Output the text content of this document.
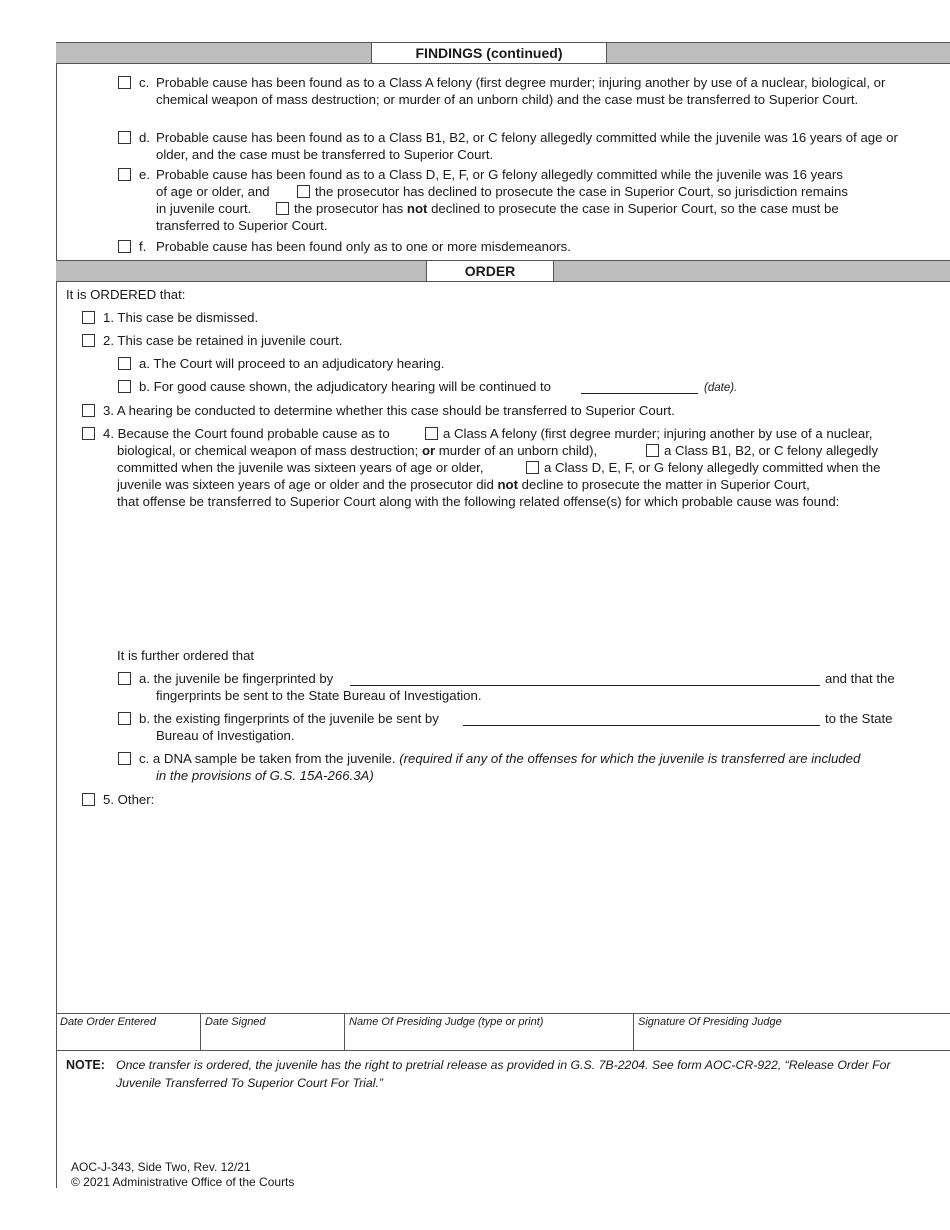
FINDINGS (continued)
c. Probable cause has been found as to a Class A felony (first degree murder; injuring another by use of a nuclear, biological, or chemical weapon of mass destruction; or murder of an unborn child) and the case must be transferred to Superior Court.
d. Probable cause has been found as to a Class B1, B2, or C felony allegedly committed while the juvenile was 16 years of age or older, and the case must be transferred to Superior Court.
e. Probable cause has been found as to a Class D, E, F, or G felony allegedly committed while the juvenile was 16 years
of age or older, and	the prosecutor has declined to prosecute the case in Superior Court, so jurisdiction remains
in juvenile court.	the prosecutor has not declined to prosecute the case in Superior Court, so the case must be
transferred to Superior Court.
f. Probable cause has been found only as to one or more misdemeanors.
ORDER
It is ORDERED that:
1. This case be dismissed.
2. This case be retained in juvenile court.
a. The Court will proceed to an adjudicatory hearing.
b. For good cause shown, the adjudicatory hearing will be continued to	(date).
3. A hearing be conducted to determine whether this case should be transferred to Superior Court.
4. Because the Court found probable cause as to	a Class A felony (first degree murder; injuring another by use of a nuclear,
biological, or chemical weapon of mass destruction; or murder of an unborn child),	a Class B1, B2, or C felony allegedly
committed when the juvenile was sixteen years of age or older,	a Class D, E, F, or G felony allegedly committed when the
juvenile was sixteen years of age or older and the prosecutor did not decline to prosecute the matter in Superior Court,
that offense be transferred to Superior Court along with the following related offense(s) for which probable cause was found:
It is further ordered that
a. the juvenile be fingerprinted by	and that the
fingerprints be sent to the State Bureau of Investigation.
b. the existing fingerprints of the juvenile be sent by	to the State
Bureau of Investigation.
c. a DNA sample be taken from the juvenile. (required if any of the offenses for which the juvenile is transferred are included
in the provisions of G.S. 15A-266.3A)
5. Other:
Date Order Entered	Date Signed	Name Of Presiding Judge (type or print)	Signature Of Presiding Judge
NOTE: Once transfer is ordered, the juvenile has the right to pretrial release as provided in G.S. 7B-2204. See form AOC-CR-922, “Release Order For
Juvenile Transferred To Superior Court For Trial.”
AOC-J-343, Side Two, Rev. 12/21
© 2021 Administrative Office of the Courts
